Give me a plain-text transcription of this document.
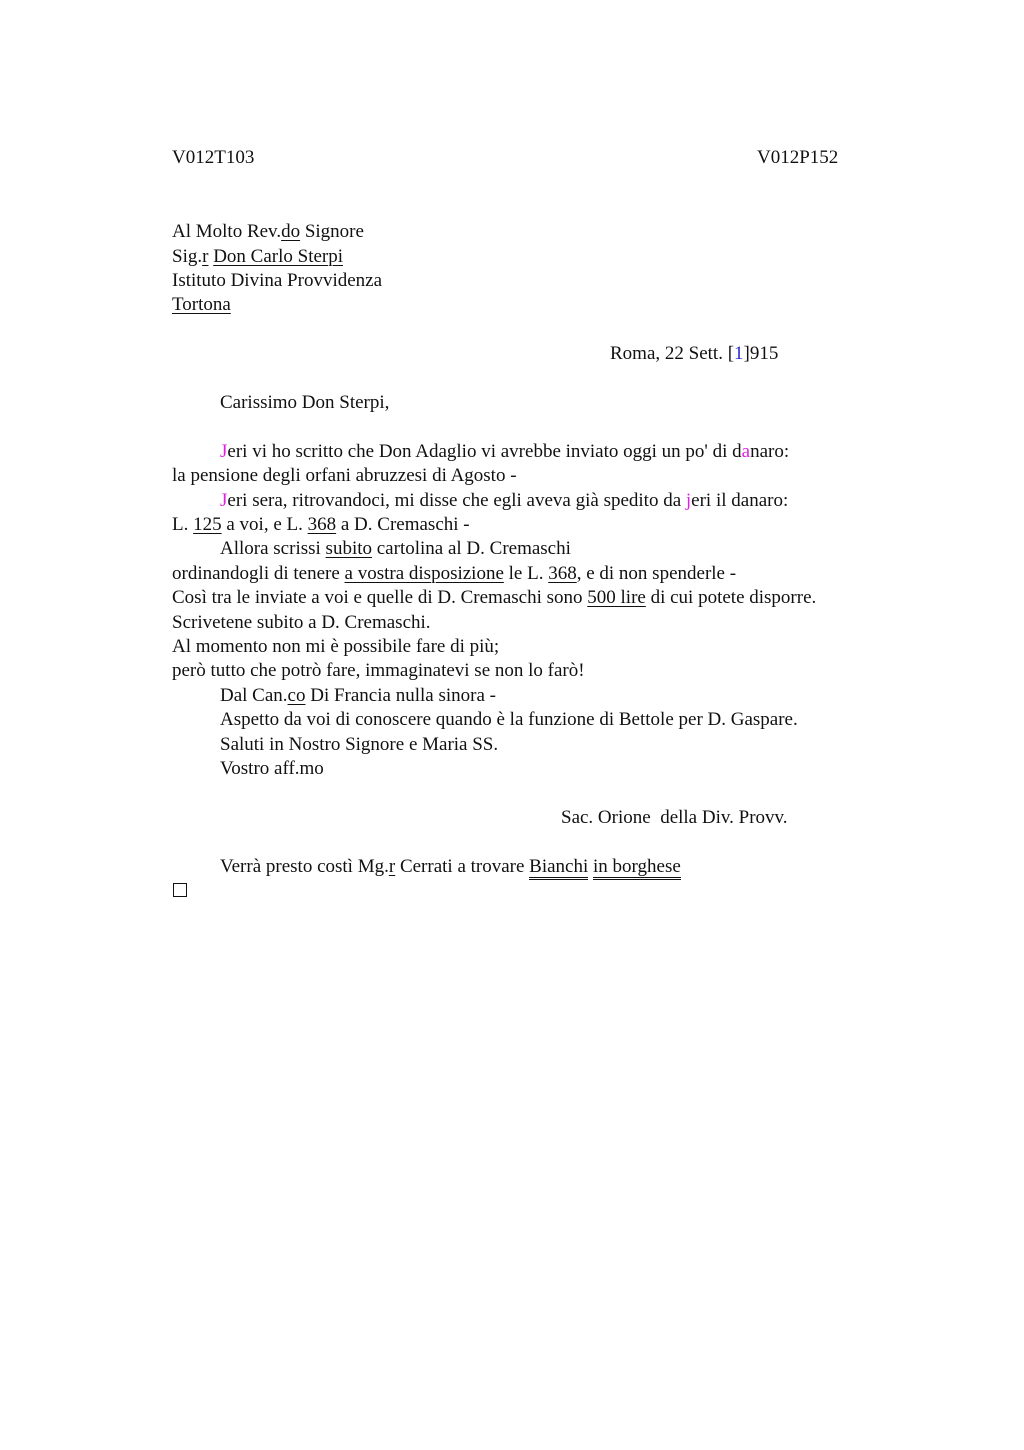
V012T103	V012P152
Al Molto Rev.do Signore
Sig.r Don Carlo Sterpi
Istituto Divina Provvidenza
Tortona
Roma, 22 Sett. [1]915
Carissimo Don Sterpi,
Jeri vi ho scritto che Don Adaglio vi avrebbe inviato oggi un po' di danaro:
la pensione degli orfani abruzzesi di Agosto -
Jeri sera, ritrovandoci, mi disse che egli aveva già spedito da jeri il danaro:
L. 125 a voi, e L. 368 a D. Cremaschi -
Allora scrissi subito cartolina al D. Cremaschi
ordinandogli di tenere a vostra disposizione le L. 368, e di non spenderle -
Così tra le inviate a voi e quelle di D. Cremaschi sono 500 lire di cui potete disporre.
Scrivetene subito a D. Cremaschi.
Al momento non mi è possibile fare di più;
però tutto che potrò fare, immaginatevi se non lo farò!
Dal Can.co Di Francia nulla sinora -
Aspetto da voi di conoscere quando è la funzione di Bettole per D. Gaspare.
Saluti in Nostro Signore e Maria SS.
Vostro aff.mo
Sac. Orione  della Div. Provv.
Verrà presto costì Mg.r Cerrati a trovare Bianchi in borghese
